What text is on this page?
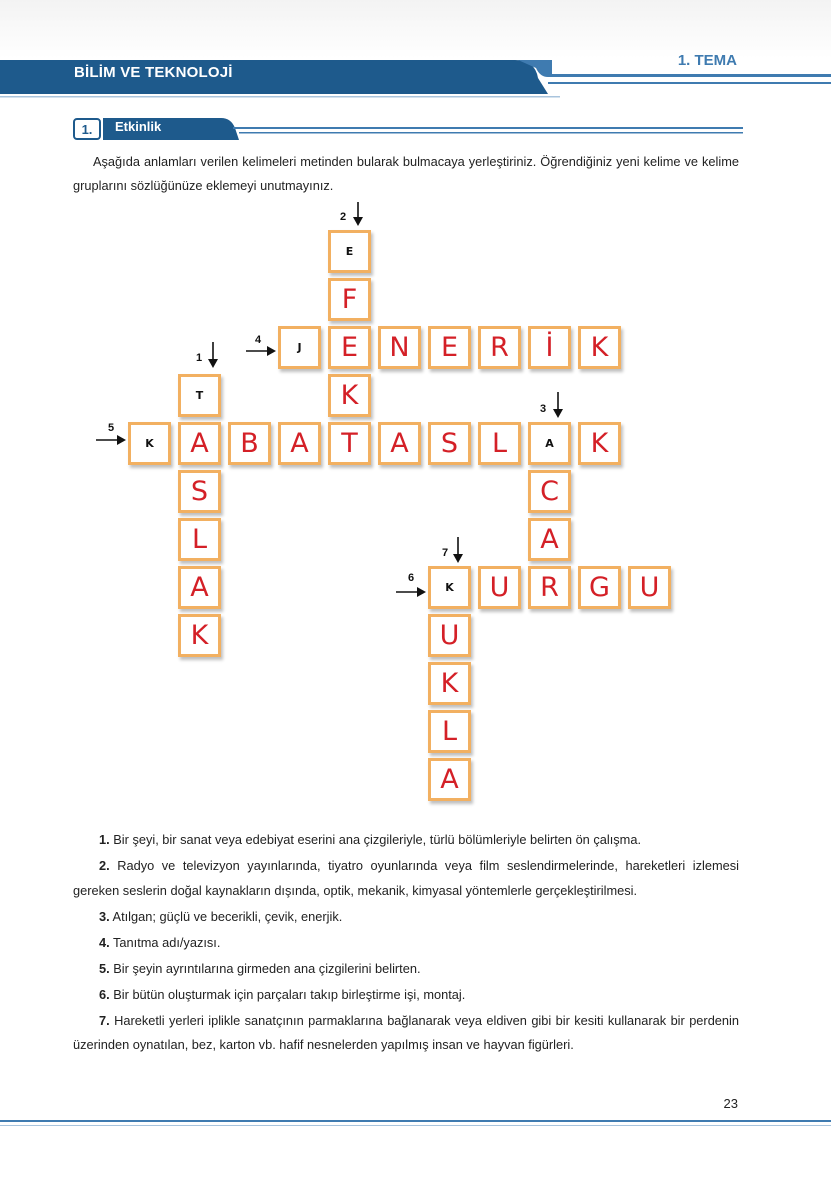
BİLİM VE TEKNOLOJİ
1. TEMA
1.	Etkinlik
Aşağıda anlamları verilen kelimeleri metinden bularak bulmacaya yerleştiriniz. Öğrendiğiniz yeni kelime ve kelime gruplarını sözlüğünüze eklemeyi unutmayınız.
2
4
1
5
3
7
6
T
A
S
L
A
K
E
F
E
K
T	A
C
A
R
J	N	E	R	İ	K
K	B	A	A	S	L	K
K	U	G	U
U
K
L
A

1. Bir şeyi, bir sanat veya edebiyat eserini ana çizgileriyle, türlü bölümleriyle belirten ön çalışma.

2. Radyo ve televizyon yayınlarında, tiyatro oyunlarında veya film seslendirmelerinde, hareketleri izlemesi gereken seslerin doğal kaynakların dışında, optik, mekanik, kimyasal yöntemlerle gerçekleştirilmesi.

3. Atılgan; güçlü ve becerikli, çevik, enerjik.

4. Tanıtma adı/yazısı.

5. Bir şeyin ayrıntılarına girmeden ana çizgilerini belirten.

6. Bir bütün oluşturmak için parçaları takıp birleştirme işi, montaj.

7. Hareketli yerleri iplikle sanatçının parmaklarına bağlanarak veya eldiven gibi bir kesiti kullanarak bir perdenin üzerinden oynatılan, bez, karton vb. hafif nesnelerden yapılmış insan ve hayvan figürleri.

23
